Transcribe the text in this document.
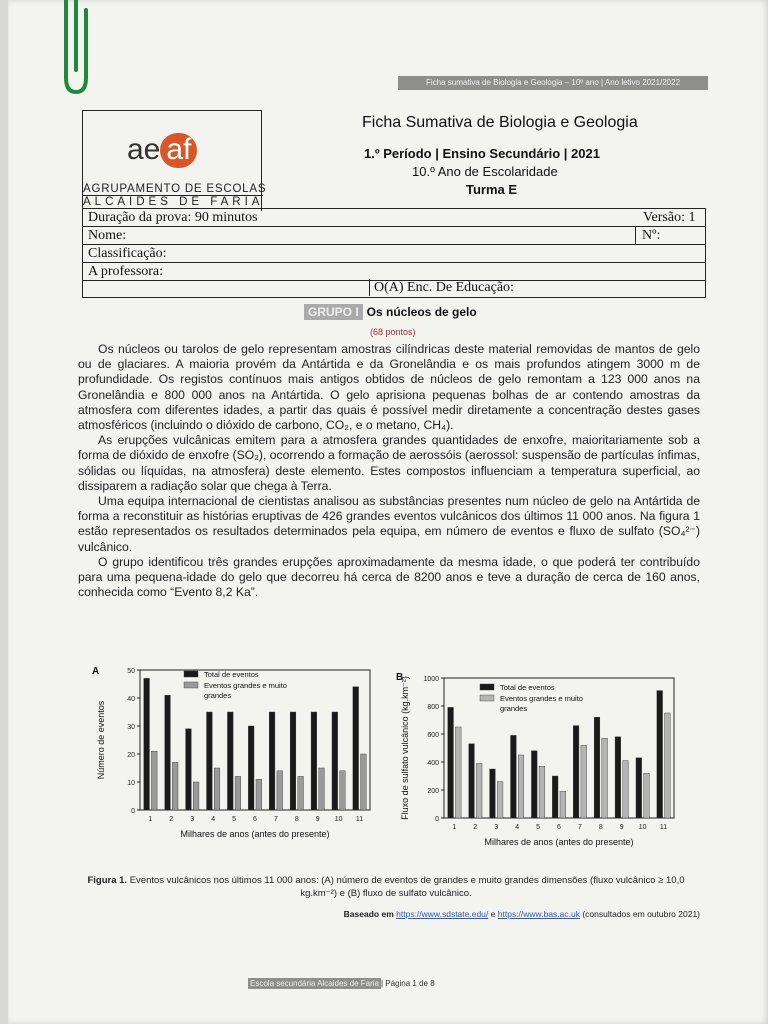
Ficha sumativa de Biologia e Geologia – 10º ano | Ano letivo 2021/2022
ae af
AGRUPAMENTO DE ESCOLAS
ALCAIDES DE FARIA
Ficha Sumativa de Biologia e Geologia
1.º Período | Ensino Secundário | 2021
10.º Ano de Escolaridade
Turma E
Duração da prova: 90 minutos	Versão: 1
Nome:	Nº:
Classificação:
A professora:
O(A) Enc. De Educação:
GRUPO I Os núcleos de gelo
(68 pontos)

Os núcleos ou tarolos de gelo representam amostras cilíndricas deste material removidas de mantos de gelo ou de glaciares. A maioria provém da Antártida e da Gronelândia e os mais profundos atingem 3000 m de profundidade. Os registos contínuos mais antigos obtidos de núcleos de gelo remontam a 123 000 anos na Gronelândia e 800 000 anos na Antártida. O gelo aprisiona pequenas bolhas de ar contendo amostras da atmosfera com diferentes idades, a partir das quais é possível medir diretamente a concentração destes gases atmosféricos (incluindo o dióxido de carbono, CO₂, e o metano, CH₄).

As erupções vulcânicas emitem para a atmosfera grandes quantidades de enxofre, maioritariamente sob a forma de dióxido de enxofre (SO₂), ocorrendo a formação de aerossóis (aerossol: suspensão de partículas ínfimas, sólidas ou líquidas, na atmosfera) deste elemento. Estes compostos influenciam a temperatura superficial, ao dissiparem a radiação solar que chega à Terra.

Uma equipa internacional de cientistas analisou as substâncias presentes num núcleo de gelo na Antártida de forma a reconstituir as histórias eruptivas de 426 grandes eventos vulcânicos dos últimos 11 000 anos. Na figura 1 estão representados os resultados determinados pela equipa, em número de eventos e fluxo de sulfato (SO₄²⁻) vulcânico.

O grupo identificou três grandes erupções aproximadamente da mesma idade, o que poderá ter contribuído para uma pequena-idade do gelo que decorreu há cerca de 8200 anos e teve a duração de cerca de 160 anos, conhecida como “Evento 8,2 Ka”.

A
0
10
20
30
40
50
1 2 3 4 5 6 7 8 9 10 11
Milhares de anos (antes do presente)
Número de eventos
Total de eventos
Eventos grandes e muito grandes
B
0
200
400
600
800
1000
1 2 3 4 5 6 7 8 9 10 11
Milhares de anos (antes do presente)
Fluxo de sulfato vulcânico (kg.km⁻²)	Total de eventos
Eventos grandes e muito grandes
Figura 1. Eventos vulcânicos nos últimos 11 000 anos: (A) número de eventos de grandes e muito grandes dimensões (fluxo vulcânico ≥ 10,0 kg.km⁻²) e (B) fluxo de sulfato vulcânico.
Baseado em https://www.sdstate.edu/ e https://www.bas.ac.uk (consultados em outubro 2021)
Escola secundária Alcaides de Faria | Página 1 de 8
